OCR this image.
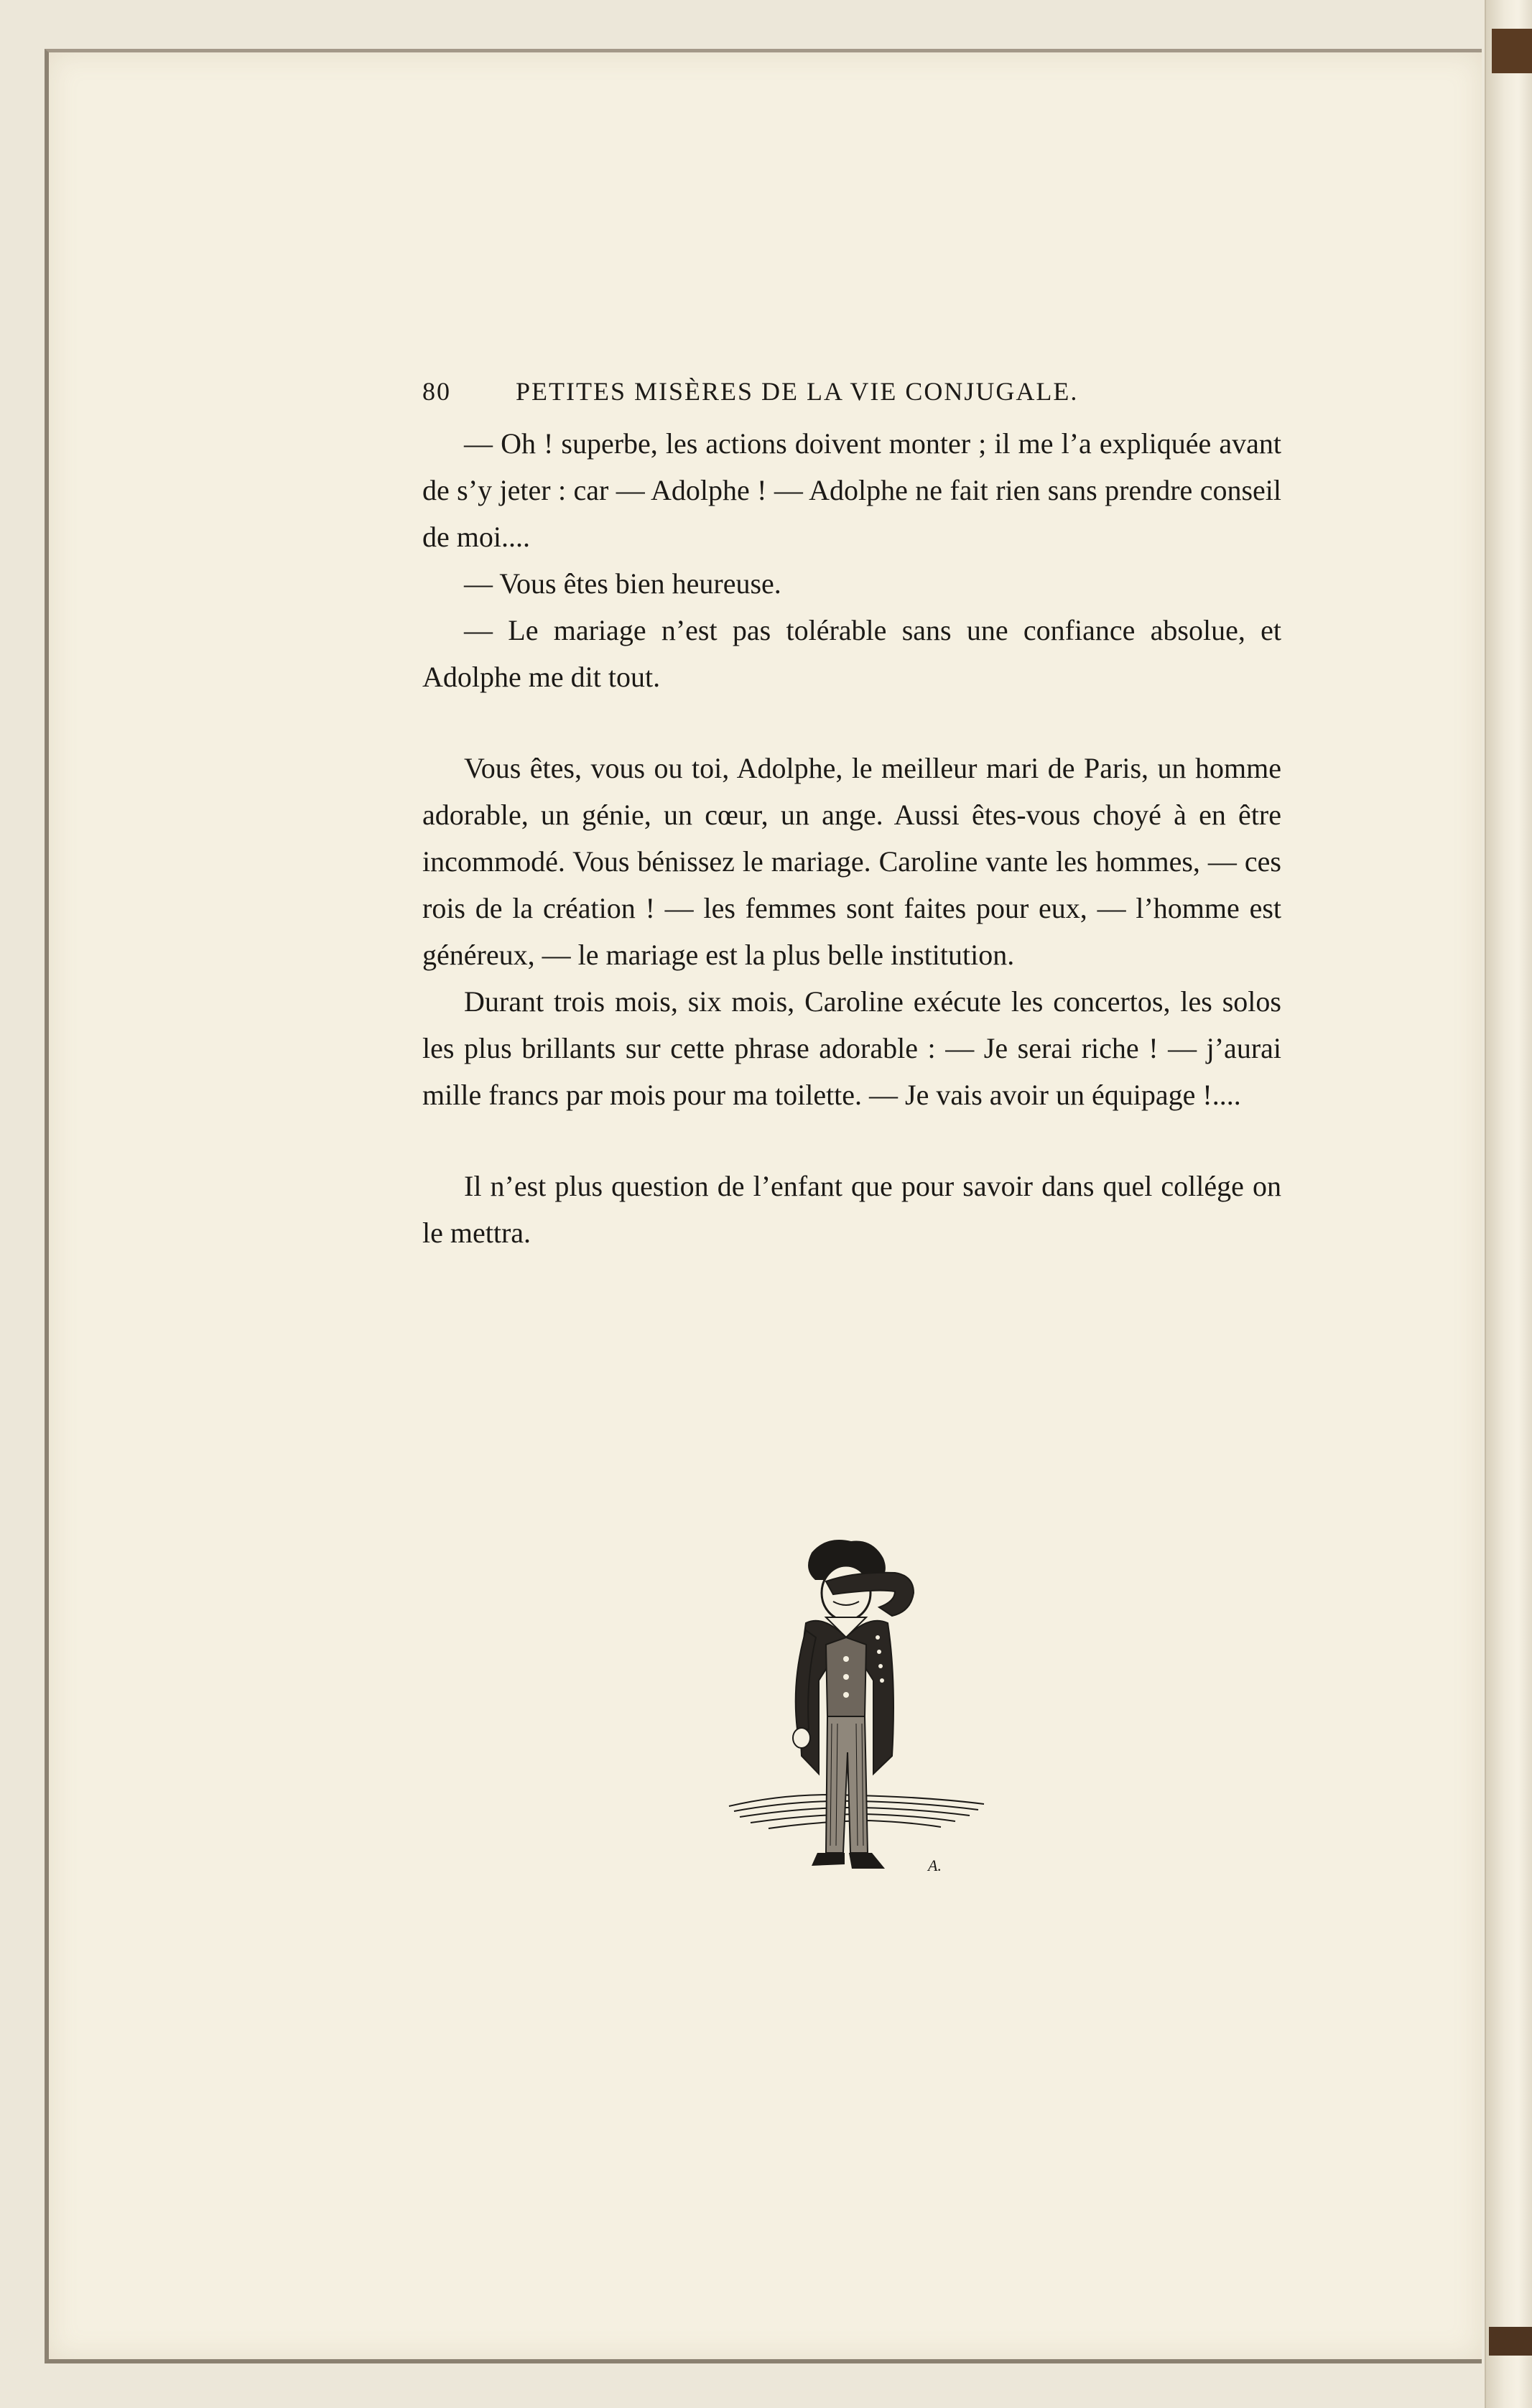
80	PETITES MISÈRES DE LA VIE CONJUGALE.

— Oh ! superbe, les actions doivent monter ; il me l’a expliquée avant de s’y jeter : car — Adolphe ! — Adolphe ne fait rien sans prendre conseil de moi....

— Vous êtes bien heureuse.

— Le mariage n’est pas tolérable sans une confiance absolue, et Adolphe me dit tout.

Vous êtes, vous ou toi, Adolphe, le meilleur mari de Paris, un homme adorable, un génie, un cœur, un ange. Aussi êtes-vous choyé à en être incommodé. Vous bénissez le mariage. Caroline vante les hommes, — ces rois de la création ! — les femmes sont faites pour eux, — l’homme est généreux, — le mariage est la plus belle institution.

Durant trois mois, six mois, Caroline exécute les concertos, les solos les plus brillants sur cette phrase adorable : — Je serai riche ! — j’aurai mille francs par mois pour ma toilette. — Je vais avoir un équipage !....

Il n’est plus question de l’enfant que pour savoir dans quel collége on le mettra.

A.
